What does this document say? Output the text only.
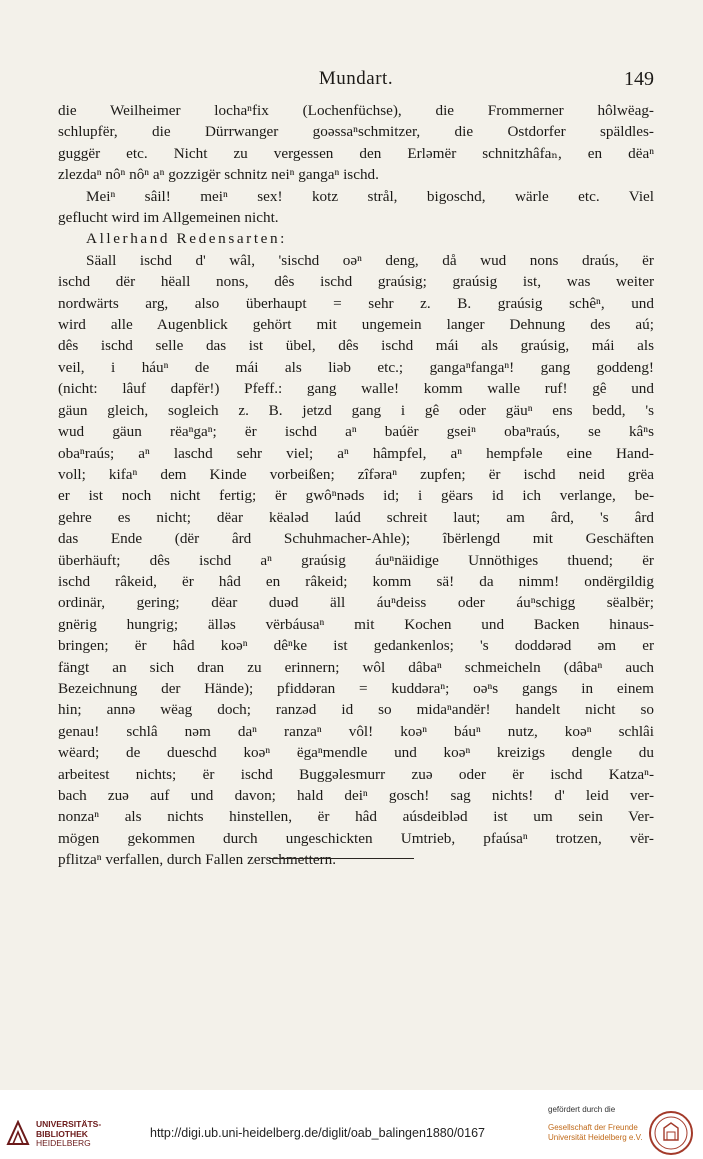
Mundart.	149
die Weilheimer lochaⁿfix (Lochenfüchse), die Frommerner hôlwëag-
schlupfër, die Dürrwanger goəssaⁿschmitzer, die Ostdorfer späldles-
guggër etc. Nicht zu vergessen den Erləmër schnitzhâfaₙ, en dëaⁿ
zlezdaⁿ nôⁿ nôⁿ aⁿ gozzigër schnitz neiⁿ gangaⁿ ischd.
Meiⁿ sâil! meiⁿ sex! kotz strål, bigoschd, wärle etc. Viel
geflucht wird im Allgemeinen nicht.
Allerhand Redensarten:
Säall ischd d' wâl, 'sischd oəⁿ deng, då wud nons draús, ër
ischd dër hëall nons, dês ischd graúsig; graúsig ist, was weiter
nordwärts arg, also überhaupt = sehr z. B. graúsig schêⁿ, und
wird alle Augenblick gehört mit ungemein langer Dehnung des aú;
dês ischd selle das ist übel, dês ischd mái als graúsig, mái als
veil, i háuⁿ de mái als liəb etc.; gangaⁿfangaⁿ! gang goddeng!
(nicht: lâuf dapfër!) Pfeff.: gang walle! komm walle ruf! gê und
gäun gleich, sogleich z. B. jetzd gang i gê oder gäuⁿ ens bedd, 's
wud gäun rëaⁿgaⁿ; ër ischd aⁿ baúër gseiⁿ obaⁿraús, se kâⁿs
obaⁿraús; aⁿ laschd sehr viel; aⁿ hâmpfel, aⁿ hempfəle eine Hand-
voll; kifaⁿ dem Kinde vorbeißen; zîfəraⁿ zupfen; ër ischd neid grëa
er ist noch nicht fertig; ër gwôⁿnəds id; i gëars id ich verlange, be-
gehre es nicht; dëar këaləd laúd schreit laut; am ârd, 's ârd
das Ende (dër ârd Schuhmacher-Ahle); îbërlengd mit Geschäften
überhäuft; dês ischd aⁿ graúsig áuⁿnäidige Unnöthiges thuend; ër
ischd râkeid, ër hâd en râkeid; komm sä! da nimm! ondërgildig
ordinär, gering; dëar duəd äll áuⁿdeiss oder áuⁿschigg sëalbër;
gnërig hungrig; älləs vërbáusaⁿ mit Kochen und Backen hinaus-
bringen; ër hâd koəⁿ dêⁿke ist gedankenlos; 's doddərəd əm er
fängt an sich dran zu erinnern; wôl dâbaⁿ schmeicheln (dâbaⁿ auch
Bezeichnung der Hände); pfiddəran = kuddəraⁿ; oəⁿs gangs in einem
hin; annə wëag doch; ranzəd id so midaⁿandër! handelt nicht so
genau! schlâ nəm daⁿ ranzaⁿ vôl! koəⁿ báuⁿ nutz, koəⁿ schlâi
wëard; de dueschd koəⁿ ëgaⁿmendle und koəⁿ kreizigs dengle du
arbeitest nichts; ër ischd Buggəlesmurr zuə oder ër ischd Katzaⁿ-
bach zuə auf und davon; hald deiⁿ gosch! sag nichts! d' leid ver-
nonzaⁿ als nichts hinstellen, ër hâd aúsdeibləd ist um sein Ver-
mögen gekommen durch ungeschickten Umtrieb, pfaúsaⁿ trotzen, vër-
pflitzaⁿ verfallen, durch Fallen zerschmettern.
UNIVERSITÄTS-
BIBLIOTHEK
HEIDELBERG
http://digi.ub.uni-heidelberg.de/diglit/oab_balingen1880/0167
gefördert durch die
Gesellschaft der Freunde
Universität Heidelberg e.V.
